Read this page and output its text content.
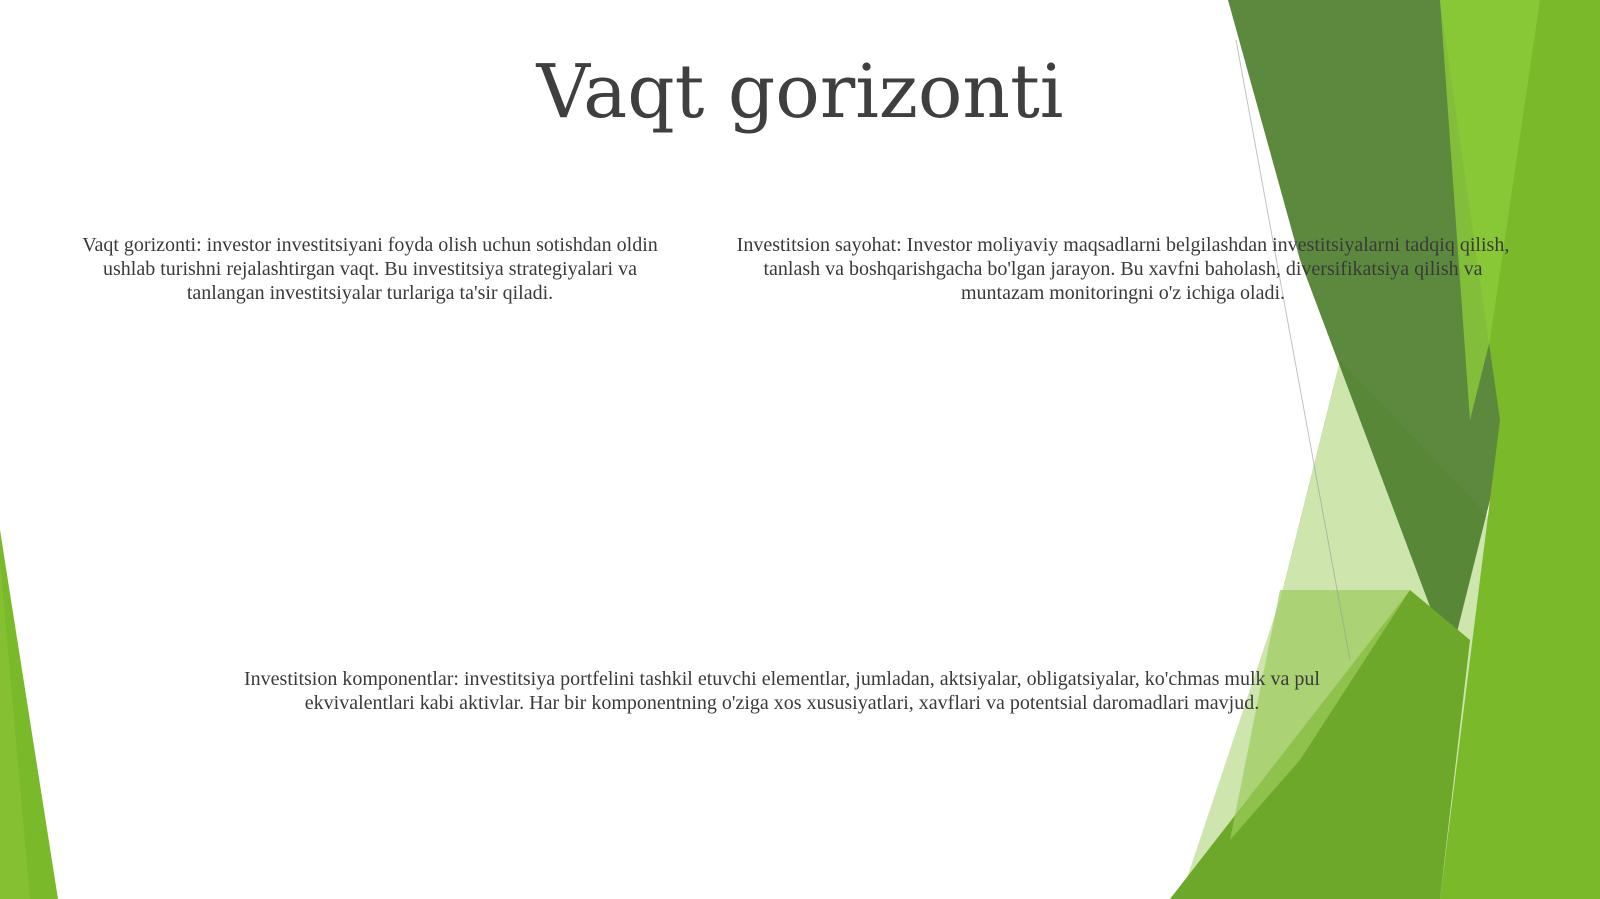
Vaqt gorizonti
Vaqt gorizonti: investor investitsiyani foyda olish uchun sotishdan oldin ushlab turishni rejalashtirgan vaqt. Bu investitsiya strategiyalari va tanlangan investitsiyalar turlariga ta'sir qiladi.
Investitsion sayohat: Investor moliyaviy maqsadlarni belgilashdan investitsiyalarni tadqiq qilish, tanlash va boshqarishgacha bo'lgan jarayon. Bu xavfni baholash, diversifikatsiya qilish va muntazam monitoringni o'z ichiga oladi.
Investitsion komponentlar: investitsiya portfelini tashkil etuvchi elementlar, jumladan, aktsiyalar, obligatsiyalar, ko'chmas mulk va pul ekvivalentlari kabi aktivlar. Har bir komponentning o'ziga xos xususiyatlari, xavflari va potentsial daromadlari mavjud.
